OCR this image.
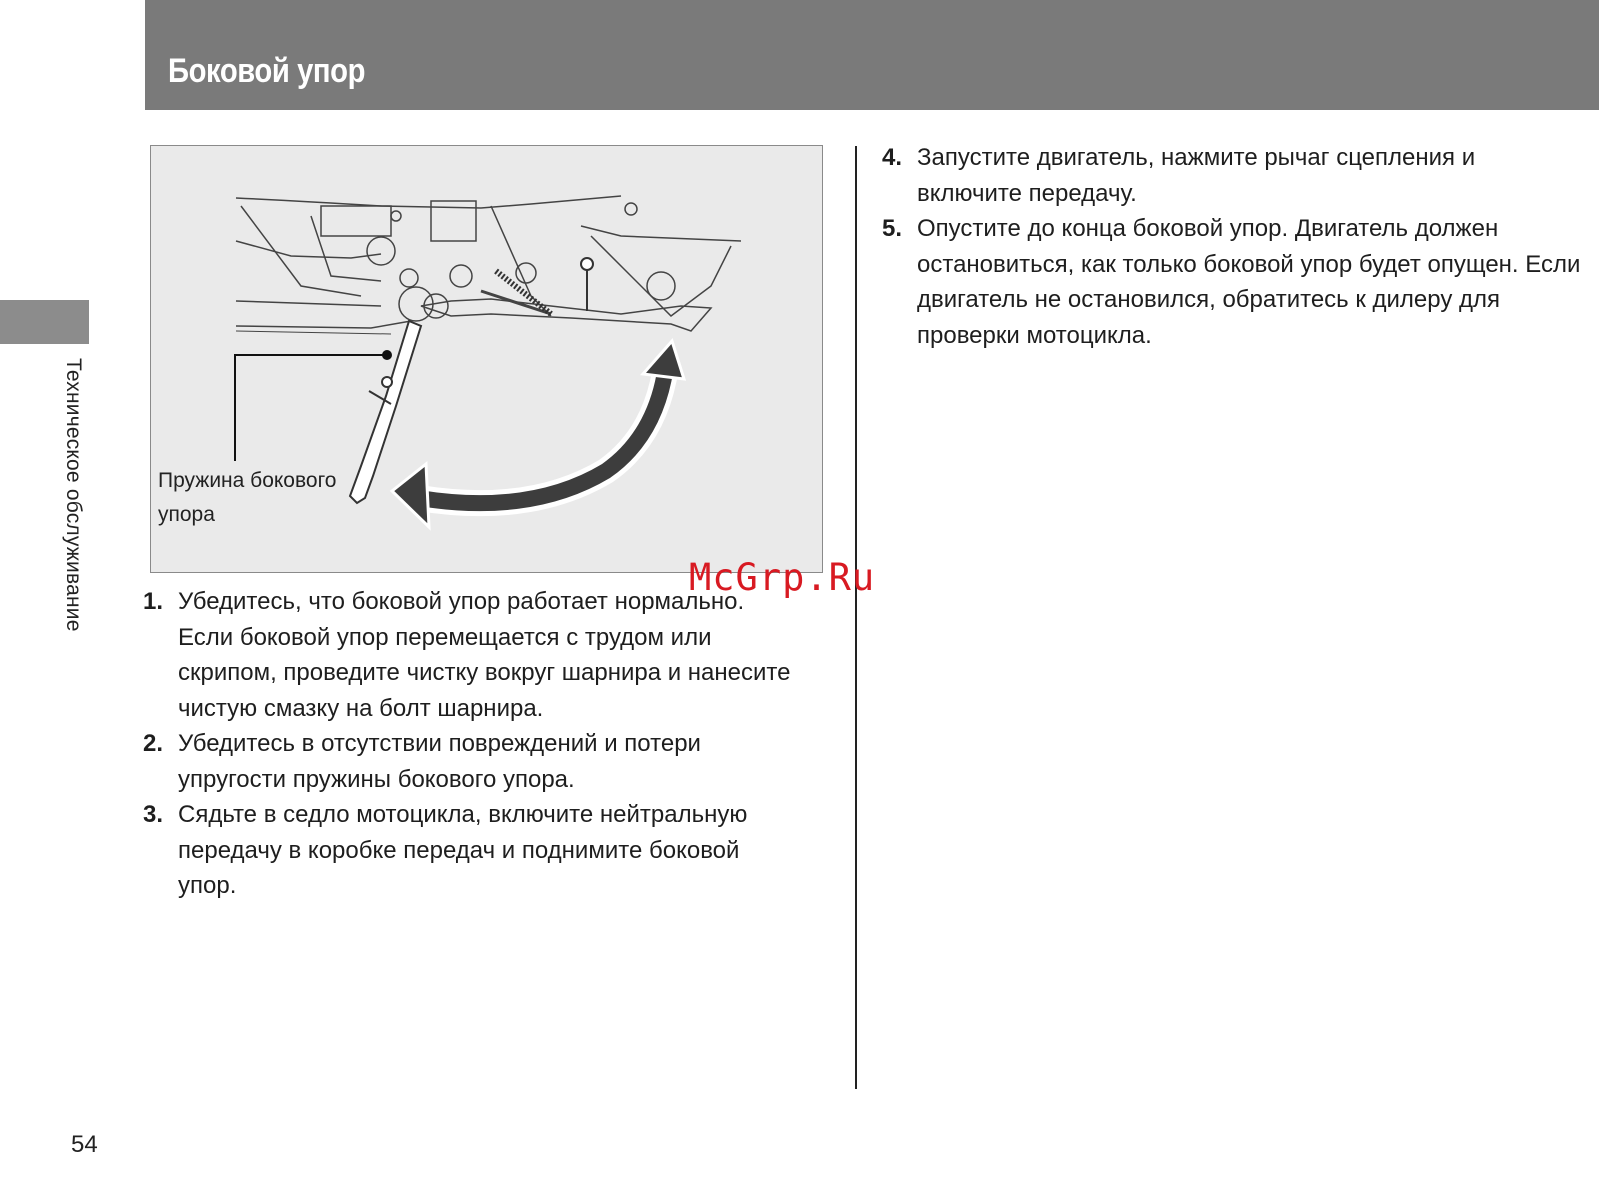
Боковой упор
Техническое обслуживание	Пружина бокового упора
1. Убедитесь, что боковой упор работает нормально. Если боковой упор перемещается с трудом или скрипом, проведите чистку вокруг шарнира и нанесите чистую смазку на болт шарнира.
2. Убедитесь в отсутствии повреждений и потери упругости пружины бокового упора.
3. Сядьте в седло мотоцикла, включите нейтральную передачу в коробке передач и поднимите боковой упор.
4. Запустите двигатель, нажмите рычаг сцепления и включите передачу.
5. Опустите до конца боковой упор. Двигатель должен остановиться, как только боковой упор будет опущен. Если двигатель не остановился, обратитесь к дилеру для проверки мотоцикла.
McGrp.Ru
54
